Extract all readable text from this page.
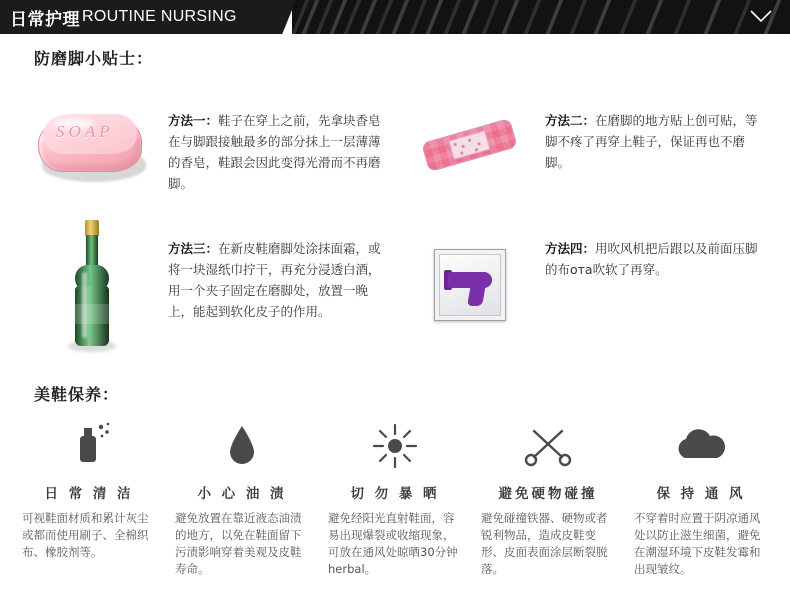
日常护理 ROUTINE NURSING
防磨脚小贴士：
SOAP
方法一：鞋子在穿上之前，先拿块香皂在与脚跟接触最多的部分抹上一层薄薄的香皂，鞋跟会因此变得光滑而不再磨脚。
方法二：在磨脚的地方贴上创可贴，等脚不疼了再穿上鞋子，保证再也不磨脚。
方法三：在新皮鞋磨脚处涂抹面霜，或将一块湿纸巾拧干，再充分浸透白酒，用一个夹子固定在磨脚处，放置一晚上，能起到软化皮子的作用。
方法四：用吹风机把后跟以及前面压脚的布ота吹软了再穿。
美鞋保养：
日 常 清 洁
可视鞋面材质和累计灰尘或都而使用刷子、全棉织布、橡胶剂等。
小 心 油 渍
避免放置在靠近液态油渍的地方，以免在鞋面留下污渍影响穿着美观及皮鞋寿命。
切 勿 暴 晒
避免经阳光直射鞋面，容易出现爆裂或收缩现象，可放在通风处晾晒30分钟herbal。
避免硬物碰撞
避免碰撞铁器、硬物或者锐利物品，造成皮鞋变形、皮面表面涂层断裂脱落。
保 持 通 风
不穿着时应置于阴凉通风处以防止滋生细菌，避免在潮湿环境下皮鞋发霉和出现皱纹。
